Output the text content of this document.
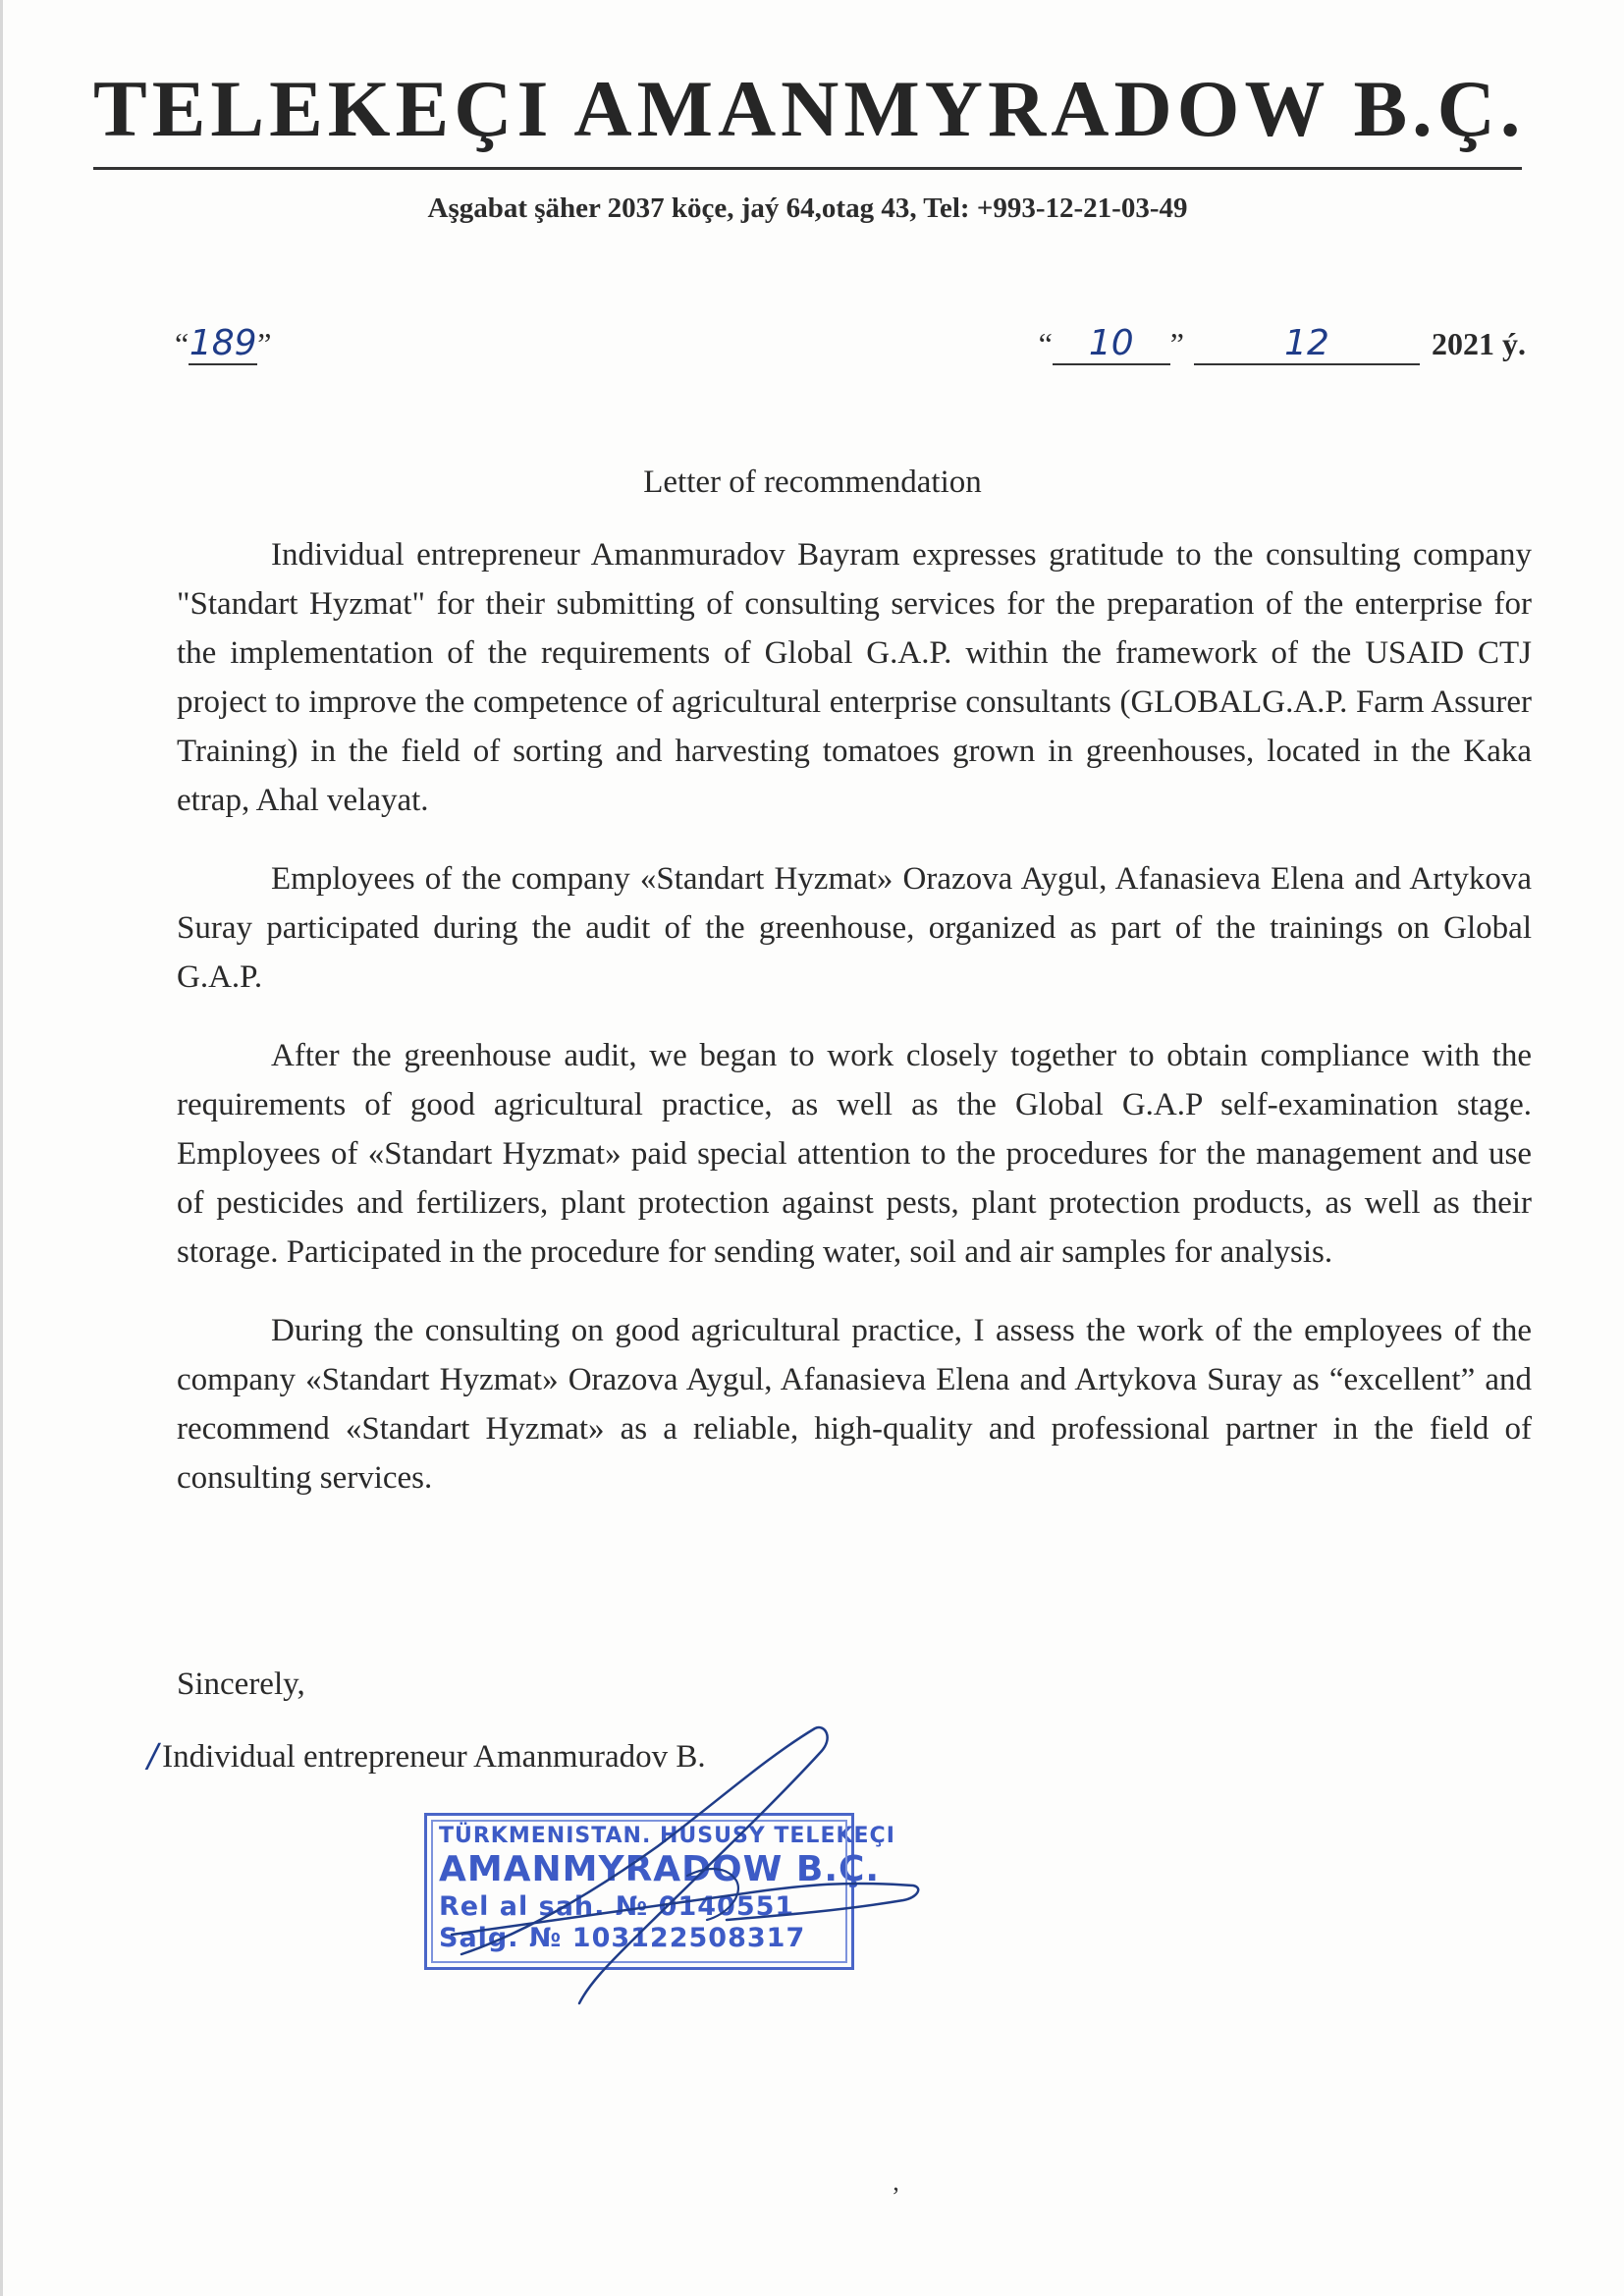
TELEKEÇI AMANMYRADOW B.Ç.
Aşgabat şäher 2037 köçe, jaý 64,otag 43, Tel: +993-12-21-03-49
“189”	“ 10 ”	12	2021 ý.
Letter of recommendation

Individual entrepreneur Amanmuradov Bayram expresses gratitude to the consulting company "Standart Hyzmat" for their submitting of consulting services for the preparation of the enterprise for the implementation of the requirements of Global G.A.P. within the framework of the USAID CTJ project to improve the competence of agricultural enterprise consultants (GLOBALG.A.P. Farm Assurer Training) in the field of sorting and harvesting tomatoes grown in greenhouses, located in the Kaka etrap, Ahal velayat.

Employees of the company «Standart Hyzmat» Orazova Aygul, Afanasieva Elena and Artykova Suray participated during the audit of the greenhouse, organized as part of the trainings on Global G.A.P.

After the greenhouse audit, we began to work closely together to obtain compliance with the requirements of good agricultural practice, as well as the Global G.A.P self-examination stage. Employees of «Standart Hyzmat» paid special attention to the procedures for the management and use of pesticides and fertilizers, plant protection against pests, plant protection products, as well as their storage. Participated in the procedure for sending water, soil and air samples for analysis.

During the consulting on good agricultural practice, I assess the work of the employees of the company «Standart Hyzmat» Orazova Aygul, Afanasieva Elena and Artykova Suray as “excellent” and recommend «Standart Hyzmat» as a reliable, high-quality and professional partner in the field of consulting services.

Sincerely,
/ Individual entrepreneur Amanmuradov B.
TÜRKMENISTAN. HUSUSY TELEKEÇI
AMANMYRADOW B.Ç.
Rel al sah. № 0140551
Salg. № 103122508317
ʼ
